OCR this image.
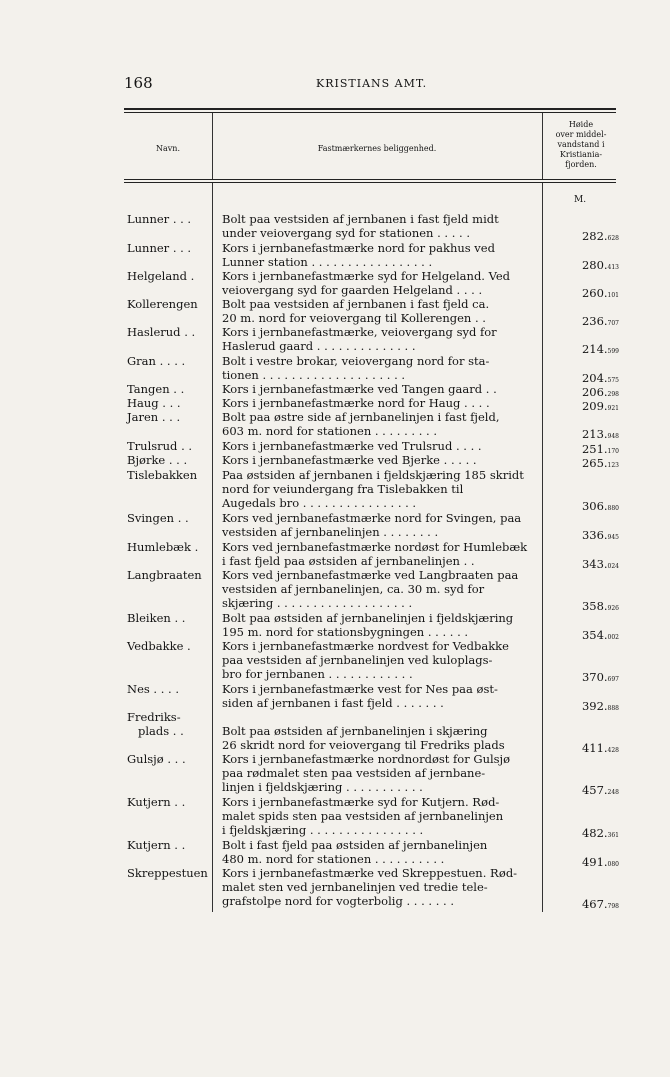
168	KRISTIANS AMT.
Navn.	Fastmærkernes beliggenhed.
Høide
over middel-
vandstand i
Kristiania-
fjorden.
M.
Lunner . . .	Bolt paa vestsiden af jernbanen i fast fjeld midt
under veiovergang syd for stationen . . . . .	282.628
Lunner . . .	Kors i jernbanefastmærke nord for pakhus ved
Lunner station . . . . . . . . . . . . . . . . .	280.413
Helgeland .	Kors i jernbanefastmærke syd for Helgeland. Ved
veiovergang syd for gaarden Helgeland . . . .	260.101
Kollerengen	Bolt paa vestsiden af jernbanen i fast fjeld ca.
20 m. nord for veiovergang til Kollerengen . .	236.707
Haslerud . .	Kors i jernbanefastmærke, veiovergang syd for
Haslerud gaard . . . . . . . . . . . . . .	214.599
Gran . . . .	Bolt i vestre brokar, veiovergang nord for sta-
tionen . . . . . . . . . . . . . . . . . . . .	204.575
Tangen . .	Kors i jernbanefastmærke ved Tangen gaard . .	206.298
Haug . . .	Kors i jernbanefastmærke nord for Haug . . . .	209.921
Jaren . . .	Bolt paa østre side af jernbanelinjen i fast fjeld,
603 m. nord for stationen . . . . . . . . .	213.948
Trulsrud . .	Kors i jernbanefastmærke ved Trulsrud . . . .	251.170
Bjørke . . .	Kors i jernbanefastmærke ved Bjerke . . . . .	265.123
Tislebakken	Paa østsiden af jernbanen i fjeldskjæring 185 skridt
nord for veiundergang fra Tislebakken til
Augedals bro . . . . . . . . . . . . . . . .	306.880
Svingen . .	Kors ved jernbanefastmærke nord for Svingen, paa
vestsiden af jernbanelinjen . . . . . . . .	336.945
Humlebæk .	Kors ved jernbanefastmærke nordøst for Humlebæk
i fast fjeld paa østsiden af jernbanelinjen . .	343.024
Langbraaten	Kors ved jernbanefastmærke ved Langbraaten paa
vestsiden af jernbanelinjen, ca. 30 m. syd for
skjæring . . . . . . . . . . . . . . . . . . .	358.926
Bleiken . .	Bolt paa østsiden af jernbanelinjen i fjeldskjæring
195 m. nord for stationsbygningen . . . . . .	354.002
Vedbakke .	Kors i jernbanefastmærke nordvest for Vedbakke
paa vestsiden af jernbanelinjen ved kuloplags-
bro for jernbanen . . . . . . . . . . . .	370.697
Nes . . . .	Kors i jernbanefastmærke vest for Nes paa øst-
siden af jernbanen i fast fjeld . . . . . . .	392.888
Fredriks-
plads . .	Bolt paa østsiden af jernbanelinjen i skjæring
26 skridt nord for veiovergang til Fredriks plads	411.428
Gulsjø . . .	Kors i jernbanefastmærke nordnordøst for Gulsjø
paa rødmalet sten paa vestsiden af jernbane-
linjen i fjeldskjæring . . . . . . . . . . .	457.248
Kutjern . .	Kors i jernbanefastmærke syd for Kutjern. Rød-
malet spids sten paa vestsiden af jernbanelinjen
i fjeldskjæring . . . . . . . . . . . . . . . .	482.361
Kutjern . .	Bolt i fast fjeld paa østsiden af jernbanelinjen
480 m. nord for stationen . . . . . . . . . .	491.080
Skreppestuen	Kors i jernbanefastmærke ved Skreppestuen. Rød-
malet sten ved jernbanelinjen ved tredie tele-
grafstolpe nord for vogterbolig . . . . . . .	467.798
